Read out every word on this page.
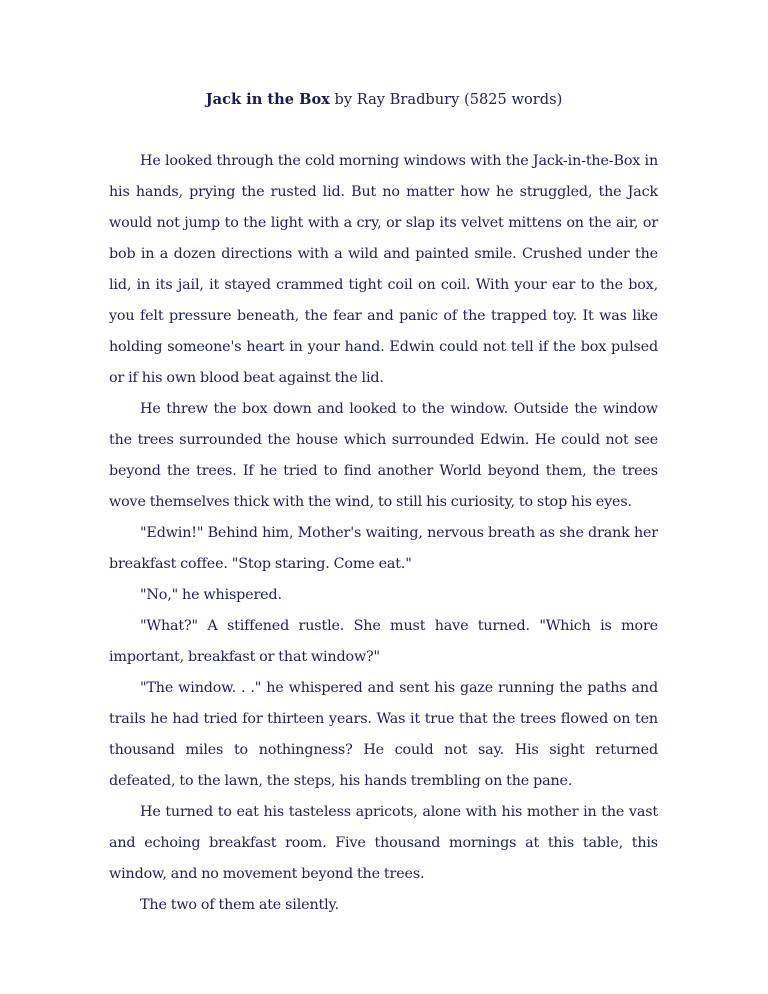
Jack in the Box by Ray Bradbury (5825 words)

He looked through the cold morning windows with the Jack-in-the-Box in his hands, prying the rusted lid. But no matter how he struggled, the Jack would not jump to the light with a cry, or slap its velvet mittens on the air, or bob in a dozen directions with a wild and painted smile. Crushed under the lid, in its jail, it stayed crammed tight coil on coil. With your ear to the box, you felt pressure beneath, the fear and panic of the trapped toy. It was like holding someone's heart in your hand. Edwin could not tell if the box pulsed or if his own blood beat against the lid.

He threw the box down and looked to the window. Outside the window the trees surrounded the house which surrounded Edwin. He could not see beyond the trees. If he tried to find another World beyond them, the trees wove themselves thick with the wind, to still his curiosity, to stop his eyes.

"Edwin!" Behind him, Mother's waiting, nervous breath as she drank her breakfast coffee. "Stop staring. Come eat."

"No," he whispered.

"What?" A stiffened rustle. She must have turned. "Which is more important, breakfast or that window?"

"The window. . ." he whispered and sent his gaze running the paths and trails he had tried for thirteen years. Was it true that the trees flowed on ten thousand miles to nothingness? He could not say. His sight returned defeated, to the lawn, the steps, his hands trembling on the pane.

He turned to eat his tasteless apricots, alone with his mother in the vast and echoing breakfast room. Five thousand mornings at this table, this window, and no movement beyond the trees.

The two of them ate silently.
